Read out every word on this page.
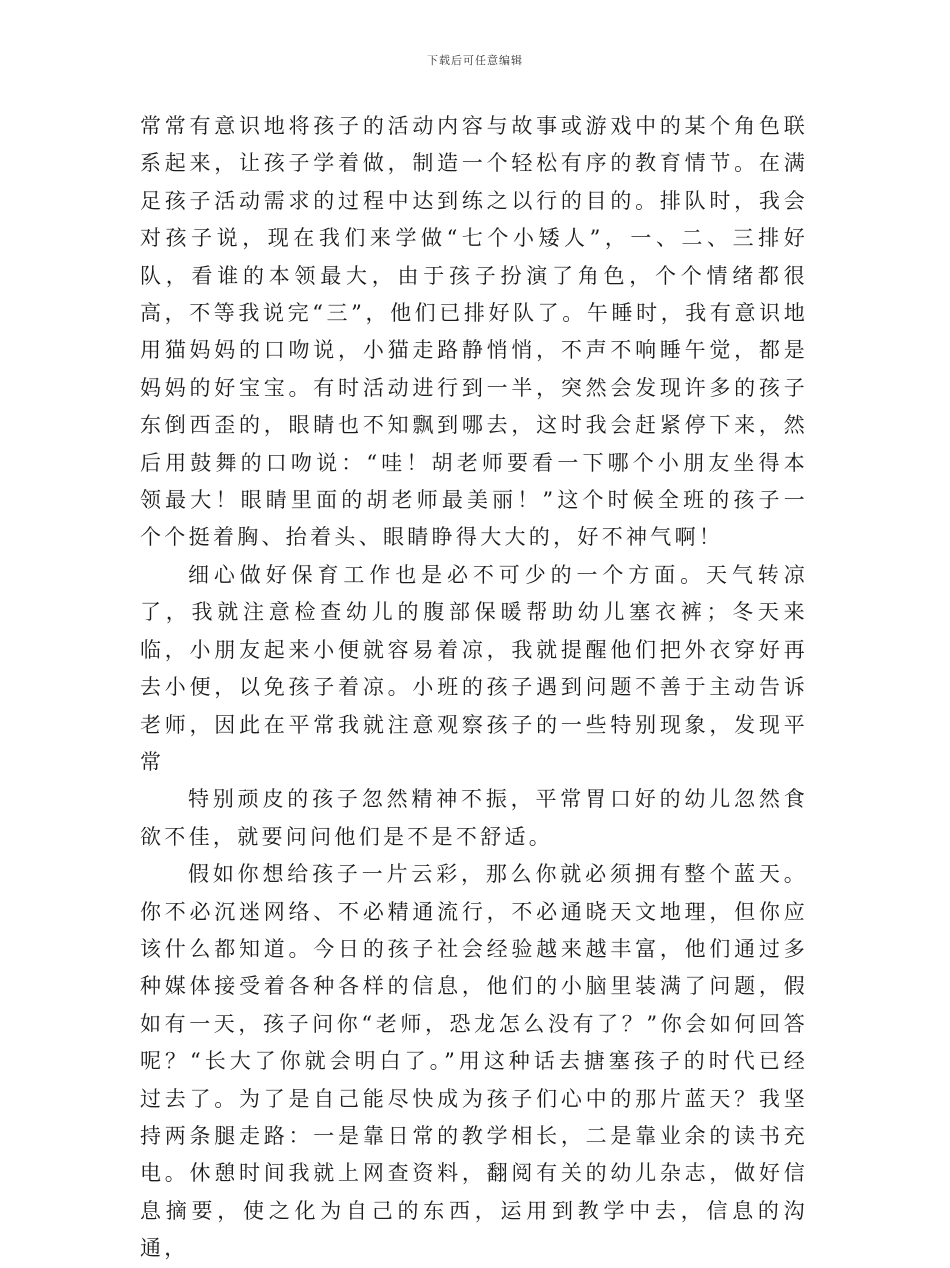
下载后可任意编辑

常常有意识地将孩子的活动内容与故事或游戏中的某个角色联系起来，让孩子学着做，制造一个轻松有序的教育情节。在满足孩子活动需求的过程中达到练之以行的目的。排队时，我会对孩子说，现在我们来学做“七个小矮人”，一、二、三排好队，看谁的本领最大，由于孩子扮演了角色，个个情绪都很高，不等我说完“三”，他们已排好队了。午睡时，我有意识地用猫妈妈的口吻说，小猫走路静悄悄，不声不响睡午觉，都是妈妈的好宝宝。有时活动进行到一半，突然会发现许多的孩子东倒西歪的，眼睛也不知飘到哪去，这时我会赶紧停下来，然后用鼓舞的口吻说：“哇！胡老师要看一下哪个小朋友坐得本领最大！眼睛里面的胡老师最美丽！”这个时候全班的孩子一个个挺着胸、抬着头、眼睛睁得大大的，好不神气啊！

细心做好保育工作也是必不可少的一个方面。天气转凉了，我就注意检查幼儿的腹部保暖帮助幼儿塞衣裤；冬天来临，小朋友起来小便就容易着凉，我就提醒他们把外衣穿好再去小便，以免孩子着凉。小班的孩子遇到问题不善于主动告诉老师，因此在平常我就注意观察孩子的一些特别现象，发现平常

特别顽皮的孩子忽然精神不振，平常胃口好的幼儿忽然食欲不佳，就要问问他们是不是不舒适。

假如你想给孩子一片云彩，那么你就必须拥有整个蓝天。你不必沉迷网络、不必精通流行，不必通晓天文地理，但你应该什么都知道。今日的孩子社会经验越来越丰富，他们通过多种媒体接受着各种各样的信息，他们的小脑里装满了问题，假如有一天，孩子问你“老师，恐龙怎么没有了？”你会如何回答呢？“长大了你就会明白了。”用这种话去搪塞孩子的时代已经过去了。为了是自己能尽快成为孩子们心中的那片蓝天？我坚持两条腿走路：一是靠日常的教学相长，二是靠业余的读书充电。休憩时间我就上网查资料，翻阅有关的幼儿杂志，做好信息摘要，使之化为自己的东西，运用到教学中去，信息的沟通，
